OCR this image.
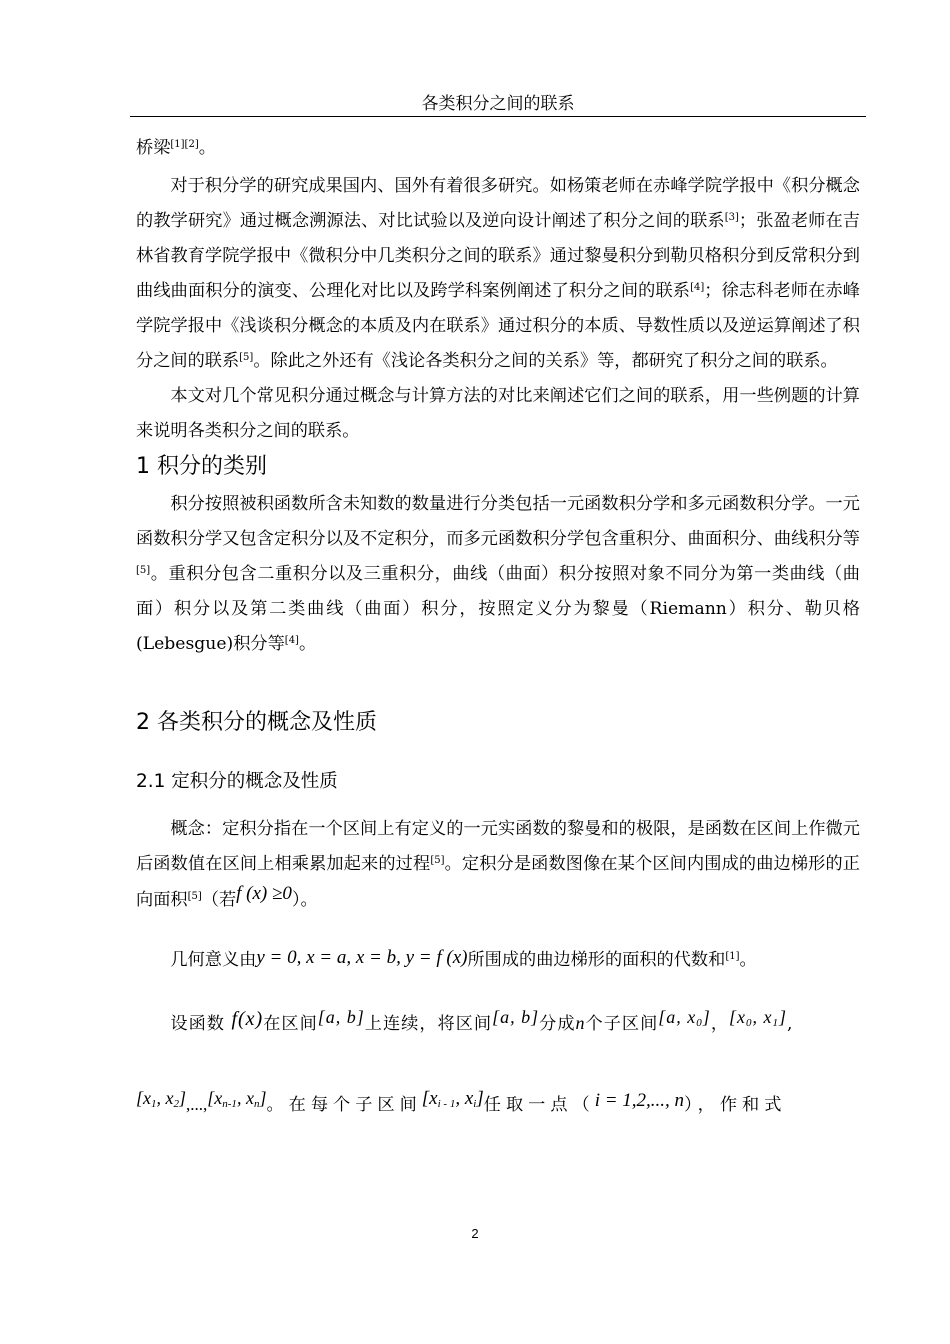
各类积分之间的联系

桥梁[1][2]。

对于积分学的研究成果国内、国外有着很多研究。如杨策老师在赤峰学院学报中《积分概念的教学研究》通过概念溯源法、对比试验以及逆向设计阐述了积分之间的联系[3]；张盈老师在吉林省教育学院学报中《微积分中几类积分之间的联系》通过黎曼积分到勒贝格积分到反常积分到曲线曲面积分的演变、公理化对比以及跨学科案例阐述了积分之间的联系[4]；徐志科老师在赤峰学院学报中《浅谈积分概念的本质及内在联系》通过积分的本质、导数性质以及逆运算阐述了积分之间的联系[5]。除此之外还有《浅论各类积分之间的关系》等，都研究了积分之间的联系。

本文对几个常见积分通过概念与计算方法的对比来阐述它们之间的联系，用一些例题的计算来说明各类积分之间的联系。

1 积分的类别

积分按照被积函数所含未知数的数量进行分类包括一元函数积分学和多元函数积分学。一元函数积分学又包含定积分以及不定积分，而多元函数积分学包含重积分、曲面积分、曲线积分等[5]。重积分包含二重积分以及三重积分，曲线（曲面）积分按照对象不同分为第一类曲线（曲面）积分以及第二类曲线（曲面）积分，按照定义分为黎曼（Riemann）积分、勒贝格(Lebesgue)积分等[4]。

2 各类积分的概念及性质
2.1 定积分的概念及性质

概念：定积分指在一个区间上有定义的一元实函数的黎曼和的极限，是函数在区间上作微元后函数值在区间上相乘累加起来的过程[5]。定积分是函数图像在某个区间内围成的曲边梯形的正向面积[5]（若f (x) ≥0）。

几何意义由y = 0, x = a, x = b, y = f (x)所围成的曲边梯形的面积的代数和[1]。

设函数 f(x)在区间[a, b]上连续，将区间[a, b]分成n个子区间[a, $x_0$]，[$x_0$, $x_1$],

[$x_1$, $x_2],...,[x_{n-1}$, $x_n$]。在每个子区间[$x_{i - 1}$, $x_i$]任取一点（i = 1,2,..., n），作和式

2
